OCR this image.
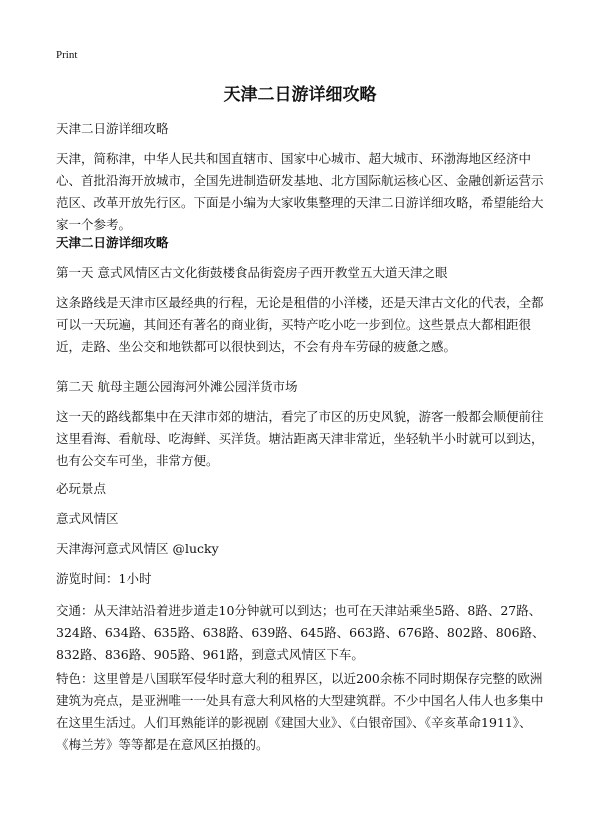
Print
天津二日游详细攻略

天津二日游详细攻略

天津，简称津，中华人民共和国直辖市、国家中心城市、超大城市、环渤海地区经济中心、首批沿海开放城市，全国先进制造研发基地、北方国际航运核心区、金融创新运营示范区、改革开放先行区。下面是小编为大家收集整理的天津二日游详细攻略，希望能给大家一个参考。

天津二日游详细攻略

第一天 意式风情区古文化街鼓楼食品街瓷房子西开教堂五大道天津之眼

这条路线是天津市区最经典的行程，无论是租借的小洋楼，还是天津古文化的代表，全都可以一天玩遍，其间还有著名的商业街，买特产吃小吃一步到位。这些景点大都相距很近，走路、坐公交和地铁都可以很快到达，不会有舟车劳碌的疲惫之感。

第二天 航母主题公园海河外滩公园洋货市场

这一天的路线都集中在天津市郊的塘沽，看完了市区的历史风貌，游客一般都会顺便前往这里看海、看航母、吃海鲜、买洋货。塘沽距离天津非常近，坐轻轨半小时就可以到达，也有公交车可坐，非常方便。

必玩景点

意式风情区

天津海河意式风情区 @lucky

游览时间：1小时

交通：从天津站沿着进步道走10分钟就可以到达；也可在天津站乘坐5路、8路、27路、324路、634路、635路、638路、639路、645路、663路、676路、802路、806路、832路、836路、905路、961路，到意式风情区下车。

特色：这里曾是八国联军侵华时意大利的租界区，以近200余栋不同时期保存完整的欧洲建筑为亮点，是亚洲唯一一处具有意大利风格的大型建筑群。不少中国名人伟人也多集中在这里生活过。人们耳熟能详的影视剧《建国大业》、《白银帝国》、《辛亥革命1911》、《梅兰芳》等等都是在意风区拍摄的。
